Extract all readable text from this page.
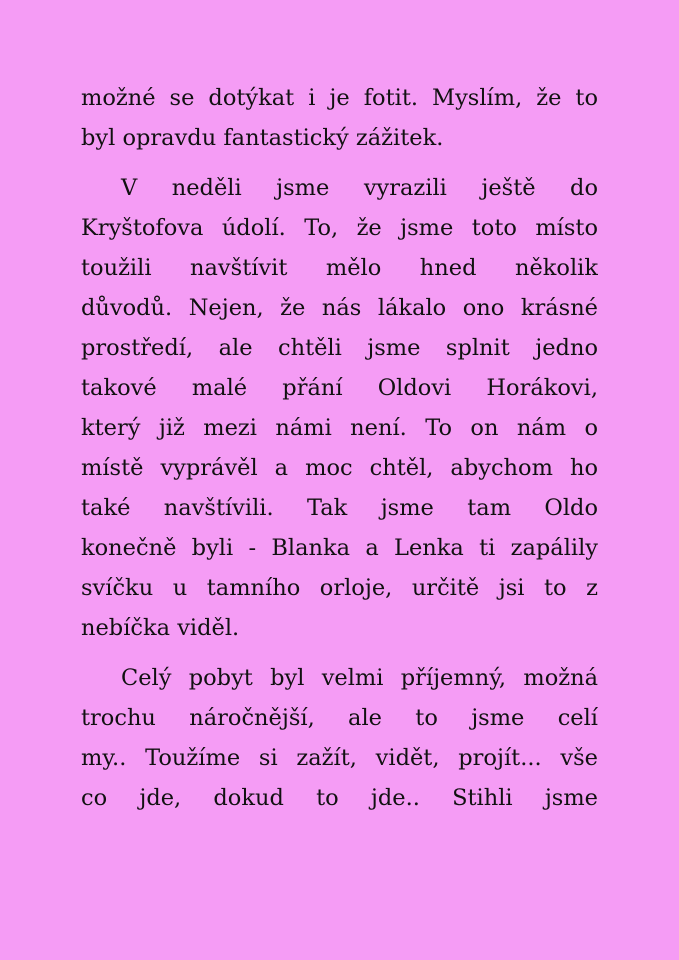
možné se dotýkat i je fotit. Myslím, že to
byl opravdu fantastický zážitek.
V neděli jsme vyrazili ještě do
Kryštofova údolí. To, že jsme toto místo
toužili navštívit mělo hned několik
důvodů. Nejen, že nás lákalo ono krásné
prostředí, ale chtěli jsme splnit jedno
takové malé přání Oldovi Horákovi,
který již mezi námi není. To on nám o
místě vyprávěl a moc chtěl, abychom ho
také navštívili. Tak jsme tam Oldo
konečně byli - Blanka a Lenka ti zapálily
svíčku u tamního orloje, určitě jsi to z
nebíčka viděl.
Celý pobyt byl velmi příjemný, možná
trochu náročnější, ale to jsme celí
my.. Toužíme si zažít, vidět, projít... vše
co jde, dokud to jde.. Stihli jsme
